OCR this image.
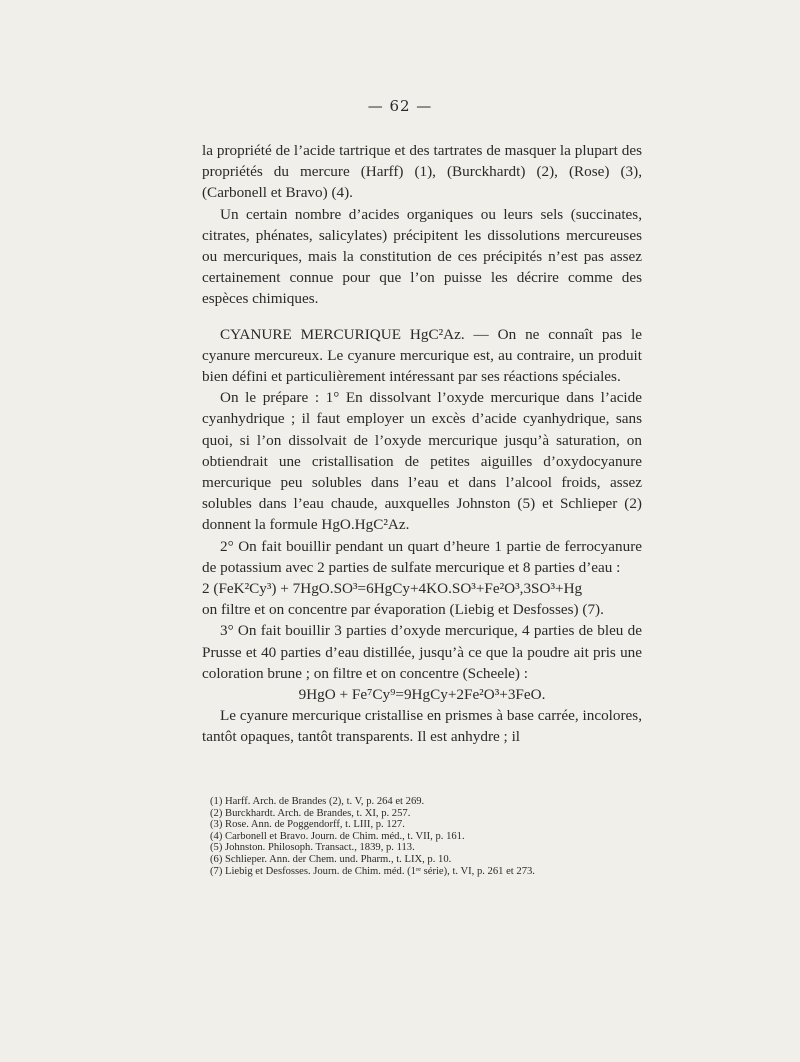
— 62 —

la propriété de l’acide tartrique et des tartrates de masquer la plupart des propriétés du mercure (Harff) (1), (Burckhardt) (2), (Rose) (3), (Carbonell et Bravo) (4).

Un certain nombre d’acides organiques ou leurs sels (succinates, citrates, phénates, salicylates) précipitent les dissolutions mercureuses ou mercuriques, mais la constitution de ces précipités n’est pas assez certainement connue pour que l’on puisse les décrire comme des espèces chimiques.

CYANURE MERCURIQUE HgC²Az. — On ne connaît pas le cyanure mercureux. Le cyanure mercurique est, au contraire, un produit bien défini et particulièrement intéressant par ses réactions spéciales.

On le prépare : 1° En dissolvant l’oxyde mercurique dans l’acide cyanhydrique ; il faut employer un excès d’acide cyanhydrique, sans quoi, si l’on dissolvait de l’oxyde mercurique jusqu’à saturation, on obtiendrait une cristallisation de petites aiguilles d’oxydocyanure mercurique peu solubles dans l’eau et dans l’alcool froids, assez solubles dans l’eau chaude, auxquelles Johnston (5) et Schlieper (2) donnent la formule HgO.HgC²Az.

2° On fait bouillir pendant un quart d’heure 1 partie de ferrocyanure de potassium avec 2 parties de sulfate mercurique et 8 parties d’eau :

2 (FeK²Cy³) + 7HgO.SO³=6HgCy+4KO.SO³+Fe²O³,3SO³+Hg

on filtre et on concentre par évaporation (Liebig et Desfosses) (7).

3° On fait bouillir 3 parties d’oxyde mercurique, 4 parties de bleu de Prusse et 40 parties d’eau distillée, jusqu’à ce que la poudre ait pris une coloration brune ; on filtre et on concentre (Scheele) :

9HgO + Fe⁷Cy⁹=9HgCy+2Fe²O³+3FeO.

Le cyanure mercurique cristallise en prismes à base carrée, incolores, tantôt opaques, tantôt transparents. Il est anhydre ; il

(1) Harff. Arch. de Brandes (2), t. V, p. 264 et 269.
(2) Burckhardt. Arch. de Brandes, t. XI, p. 257.
(3) Rose. Ann. de Poggendorff, t. LIII, p. 127.
(4) Carbonell et Bravo. Journ. de Chim. méd., t. VII, p. 161.
(5) Johnston. Philosoph. Transact., 1839, p. 113.
(6) Schlieper. Ann. der Chem. und. Pharm., t. LIX, p. 10.
(7) Liebig et Desfosses. Journ. de Chim. méd. (1ʳᵉ série), t. VI, p. 261 et 273.
